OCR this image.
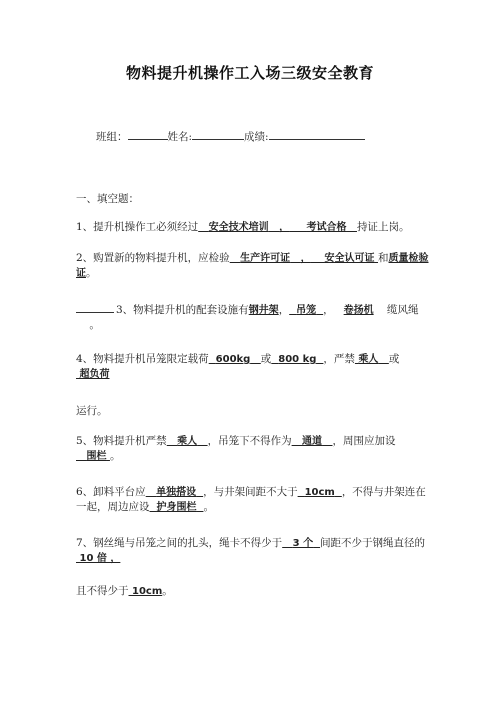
物料提升机操作工入场三级安全教育
班组：	姓名:	成绩:
一、填空题：
1、提升机操作工必须经过 安全技术培训 ， 考试合格 持证上岗。
2、购置新的物料提升机，应检验 生产许可证 ， 安全认可证 和质量检验证。
3、物料提升机的配套设施有钢井架， 吊笼 ， 卷扬机 缆风绳    。
4、物料提升机吊笼限定载荷 600kg 或 800 kg ，严禁 乘人 或 超负荷
运行。
5、物料提升机严禁 乘人 ，吊笼下不得作为 通道 ，周围应加设   围栏 。
6、卸料平台应 单独搭设 ，与井架间距不大于 10cm ，不得与井架连在一起，周边应设 护身围栏 。
7、钢丝绳与吊笼之间的扎头，绳卡不得少于 3 个 间距不少于钢绳直径的 10 倍 ，
且不得少于 10cm。
